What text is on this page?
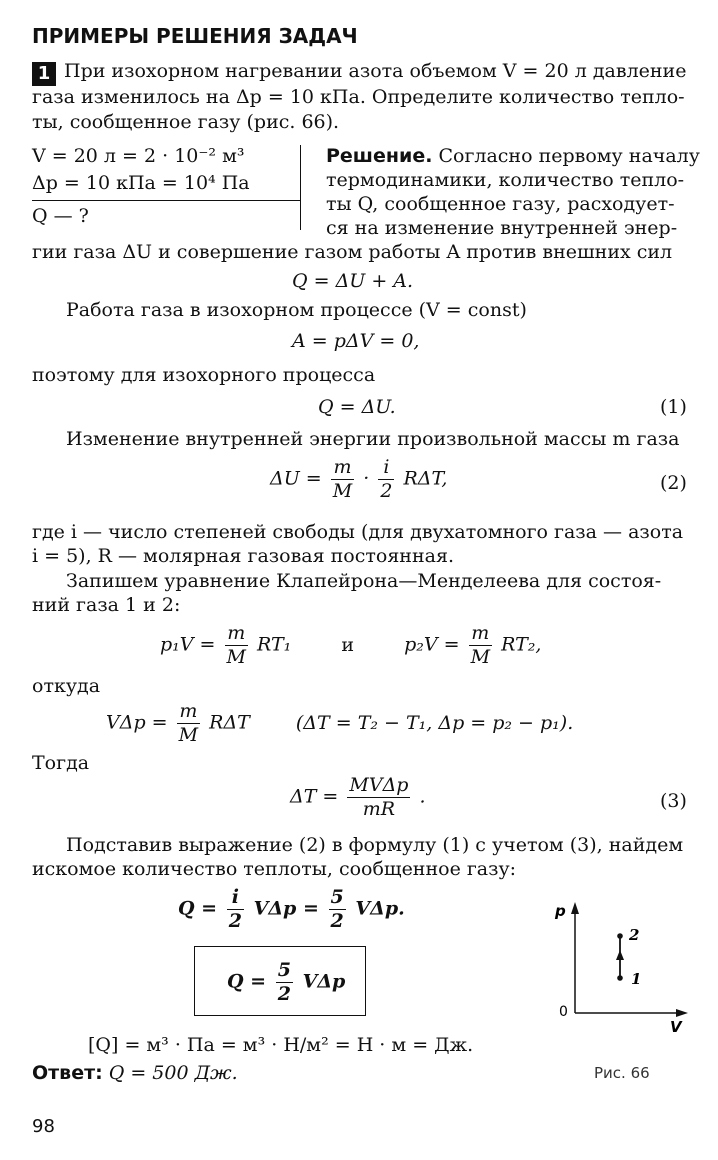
ПРИМЕРЫ РЕШЕНИЯ ЗАДАЧ
1 При изохорном нагревании азота объемом V = 20 л давление
газа изменилось на Δp = 10 кПа. Определите количество тепло-
ты, сообщенное газу (рис. 66).
V = 20 л = 2 · 10⁻² м³
Δp = 10 кПа = 10⁴ Па
Q — ?
Решение. Согласно первому началу
термодинамики, количество тепло-
ты Q, сообщенное газу, расходует-
ся на изменение внутренней энер-
гии газа ΔU и совершение газом работы A против внешних сил
Q = ΔU + A.
Работа газа в изохорном процессе (V = const)
A = pΔV = 0,
поэтому для изохорного процесса
Q = ΔU.	(1)
Изменение внутренней энергии произвольной массы m газа
$\Delta U = \frac{m}{M} \cdot \frac{i}{2} R\Delta T$,	(2)
где i — число степеней свободы (для двухатомного газа — азота
i = 5), R — молярная газовая постоянная.
Запишем уравнение Клапейрона—Менделеева для состоя-
ний газа 1 и 2:
$p_1V = \frac{m}{M} RT_1$	и	$p_2V = \frac{m}{M} RT_2$,
откуда
$V\Delta p = \frac{m}{M}$ RΔT (ΔT = T₂ − T₁, Δp = p₂ − p₁).
Тогда
$\Delta T = \frac{\text{MVΔp}}{mR}$ .	(3)
Подставив выражение (2) в формулу (1) с учетом (3), найдем
искомое количество теплоты, сообщенное газу:
$Q = \frac{i}{2}$ $V\Delta p = \frac{5}{2} V\Delta p$.
$Q = \frac{5}{2}$ VΔp
[Q] = м³ · Па = м³ · Н/м² = Н · м = Дж.
Ответ: Q = 500 Дж.
p
V
0
1
2
Рис. 66
98
